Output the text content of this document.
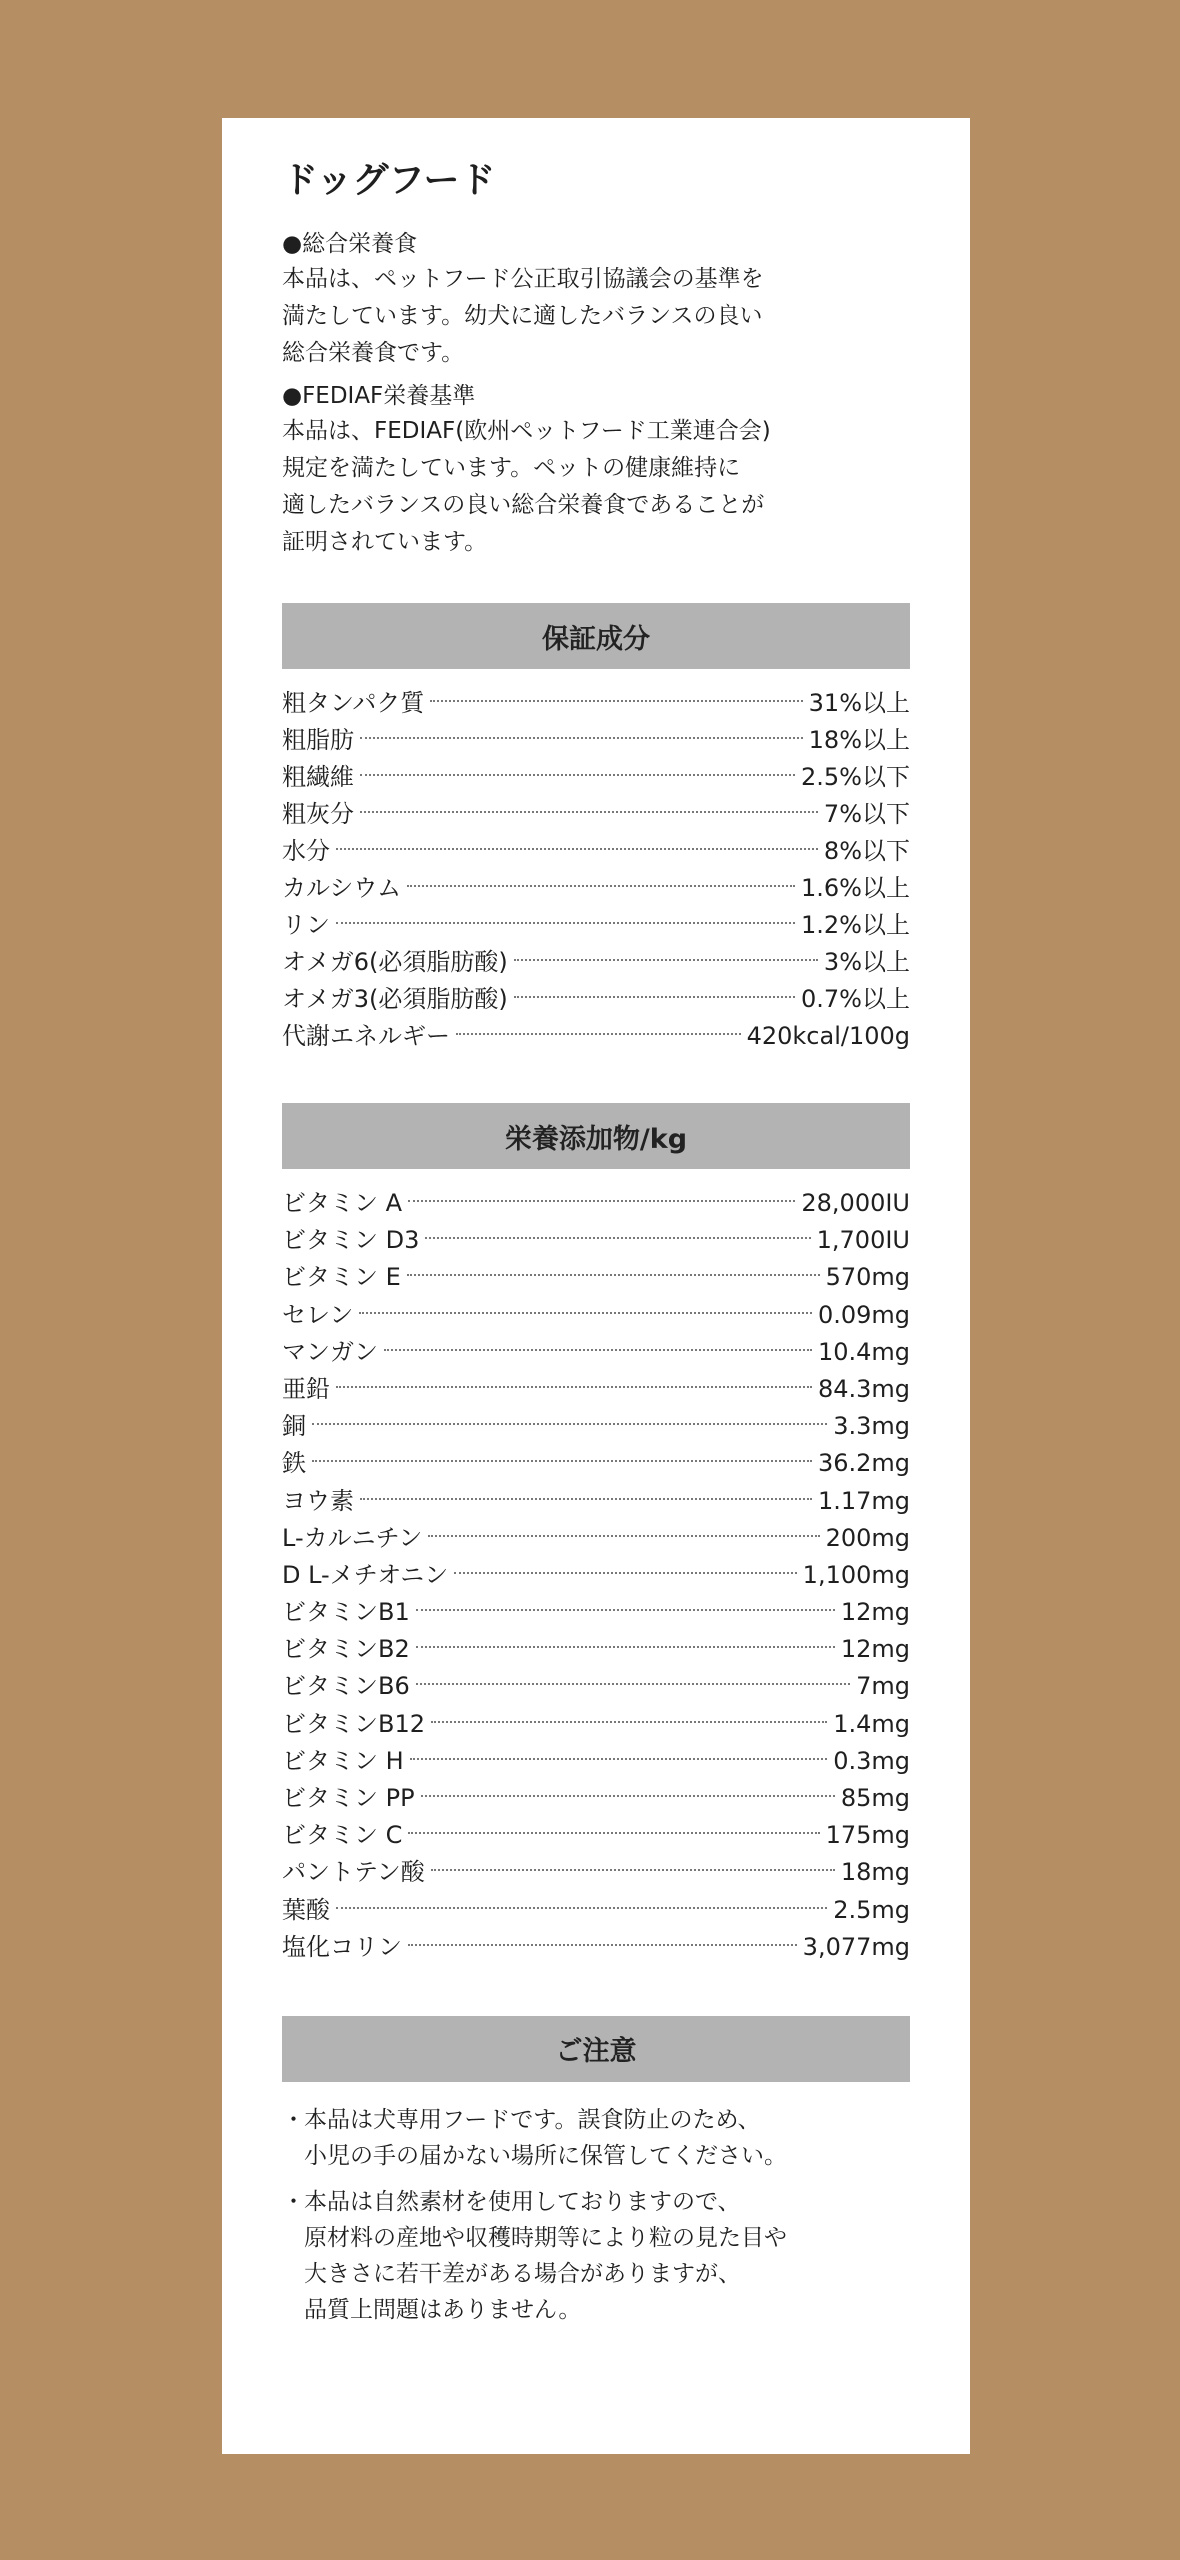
ドッグフード
●総合栄養食
本品は、ペットフード公正取引協議会の基準を
満たしています。幼犬に適したバランスの良い
総合栄養食です。
●FEDIAF栄養基準
本品は、FEDIAF(欧州ペットフード工業連合会)
規定を満たしています。ペットの健康維持に
適したバランスの良い総合栄養食であることが
証明されています。
保証成分
粗タンパク質	31%以上
粗脂肪	18%以上
粗繊維	2.5%以下
粗灰分	7%以下
水分	8%以下
カルシウム	1.6%以上
リン	1.2%以上
オメガ6(必須脂肪酸)	3%以上
オメガ3(必須脂肪酸)	0.7%以上
代謝エネルギー	420kcal/100g
栄養添加物/kg
ビタミン A	28,000IU
ビタミン D3	1,700IU
ビタミン E	570mg
セレン	0.09mg
マンガン	10.4mg
亜鉛	84.3mg
銅	3.3mg
鉄	36.2mg
ヨウ素	1.17mg
L-カルニチン	200mg
D L-メチオニン	1,100mg
ビタミンB1	12mg
ビタミンB2	12mg
ビタミンB6	7mg
ビタミンB12	1.4mg
ビタミン H	0.3mg
ビタミン PP	85mg
ビタミン C	175mg
パントテン酸	18mg
葉酸	2.5mg
塩化コリン	3,077mg
ご注意
・ 本品は犬専用フードです。誤食防止のため、
小児の手の届かない場所に保管してください。
・ 本品は自然素材を使用しておりますので、
原材料の産地や収穫時期等により粒の見た目や
大きさに若干差がある場合がありますが、
品質上問題はありません。
